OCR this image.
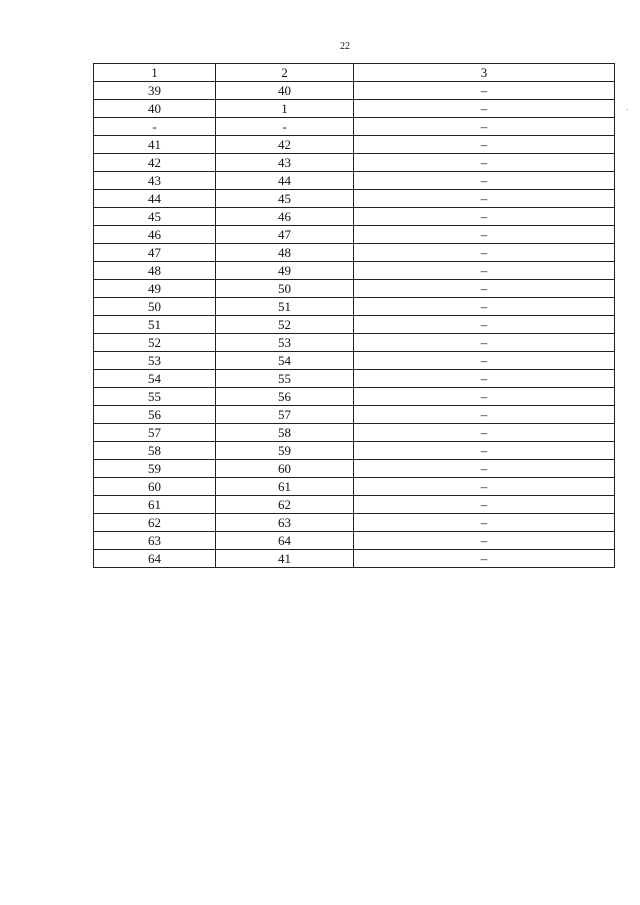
22
1	2	3
39	40	–
40	1	–
-	-	–
41	42	–
42	43	–
43	44	–
44	45	–
45	46	–
46	47	–
47	48	–
48	49	–
49	50	–
50	51	–
51	52	–
52	53	–
53	54	–
54	55	–
55	56	–
56	57	–
57	58	–
58	59	–
59	60	–
60	61	–
61	62	–
62	63	–
63	64	–
64	41	–
.
